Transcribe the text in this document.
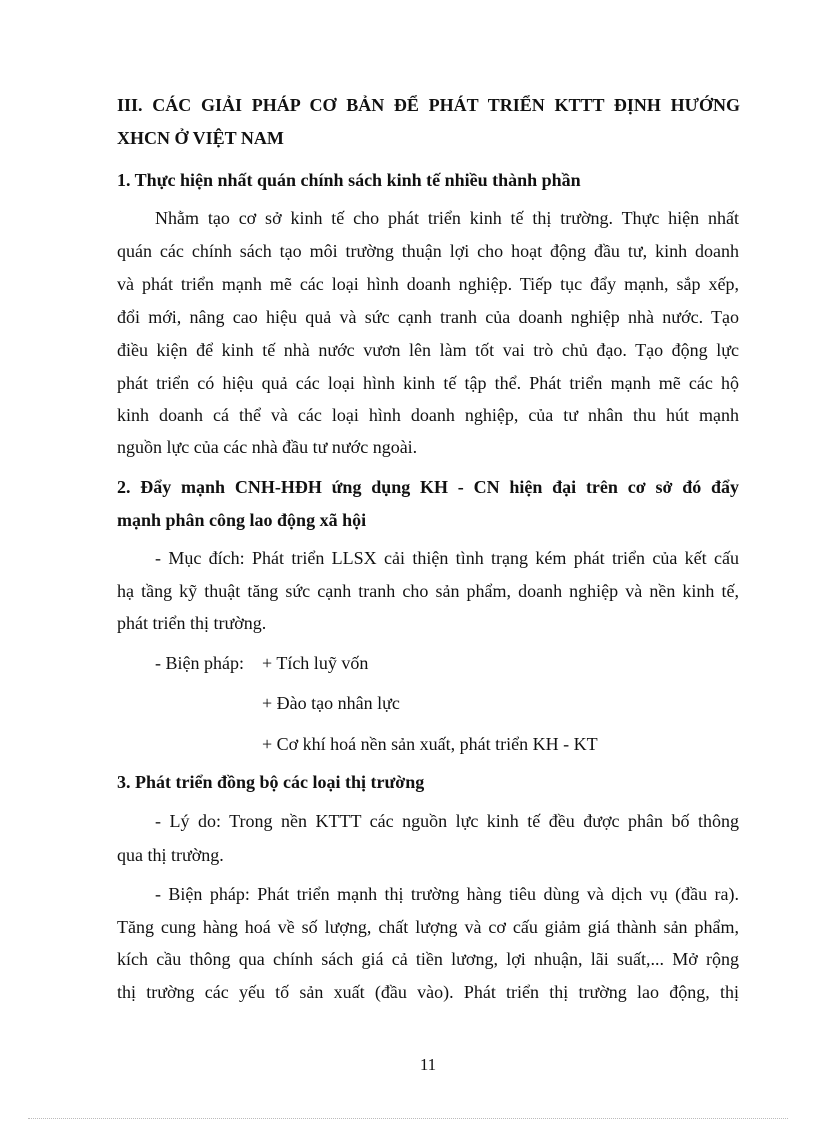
III. CÁC GIẢI PHÁP CƠ BẢN ĐỂ PHÁT TRIỂN KTTT ĐỊNH HƯỚNG

XHCN Ở VIỆT NAM

1. Thực hiện nhất quán chính sách kinh tế nhiều thành phần

Nhằm tạo cơ sở kinh tế cho phát triển kinh tế thị trường. Thực hiện nhất

quán các chính sách tạo môi trường thuận lợi cho hoạt động đầu tư, kinh doanh

và phát triển mạnh mẽ các loại hình doanh nghiệp. Tiếp tục đẩy mạnh, sắp xếp,

đổi mới, nâng cao hiệu quả và sức cạnh tranh của doanh nghiệp nhà nước. Tạo

điều kiện để kinh tế nhà nước vươn lên làm tốt vai trò chủ đạo. Tạo động lực

phát triển có hiệu quả các loại hình kinh tế tập thể. Phát triển mạnh mẽ các hộ

kinh doanh cá thể và các loại hình doanh nghiệp, của tư nhân thu hút mạnh

nguồn lực của các nhà đầu tư nước ngoài.

2. Đẩy mạnh CNH-HĐH ứng dụng KH - CN hiện đại trên cơ sở đó đẩy

mạnh phân công lao động xã hội

- Mục đích: Phát triển LLSX cải thiện tình trạng kém phát triển của kết cấu

hạ tầng kỹ thuật tăng sức cạnh tranh cho sản phẩm, doanh nghiệp và nền kinh tế,

phát triển thị trường.

- Biện pháp: + Tích luỹ vốn

+ Đào tạo nhân lực

+ Cơ khí hoá nền sản xuất, phát triển KH - KT

3. Phát triển đồng bộ các loại thị trường

- Lý do: Trong nền KTTT các nguồn lực kinh tế đều được phân bố thông

qua thị trường.

- Biện pháp: Phát triển mạnh thị trường hàng tiêu dùng và dịch vụ (đầu ra).

Tăng cung hàng hoá về số lượng, chất lượng và cơ cấu giảm giá thành sản phẩm,

kích cầu thông qua chính sách giá cả tiền lương, lợi nhuận, lãi suất,... Mở rộng

thị trường các yếu tố sản xuất (đầu vào). Phát triển thị trường lao động, thị

11
